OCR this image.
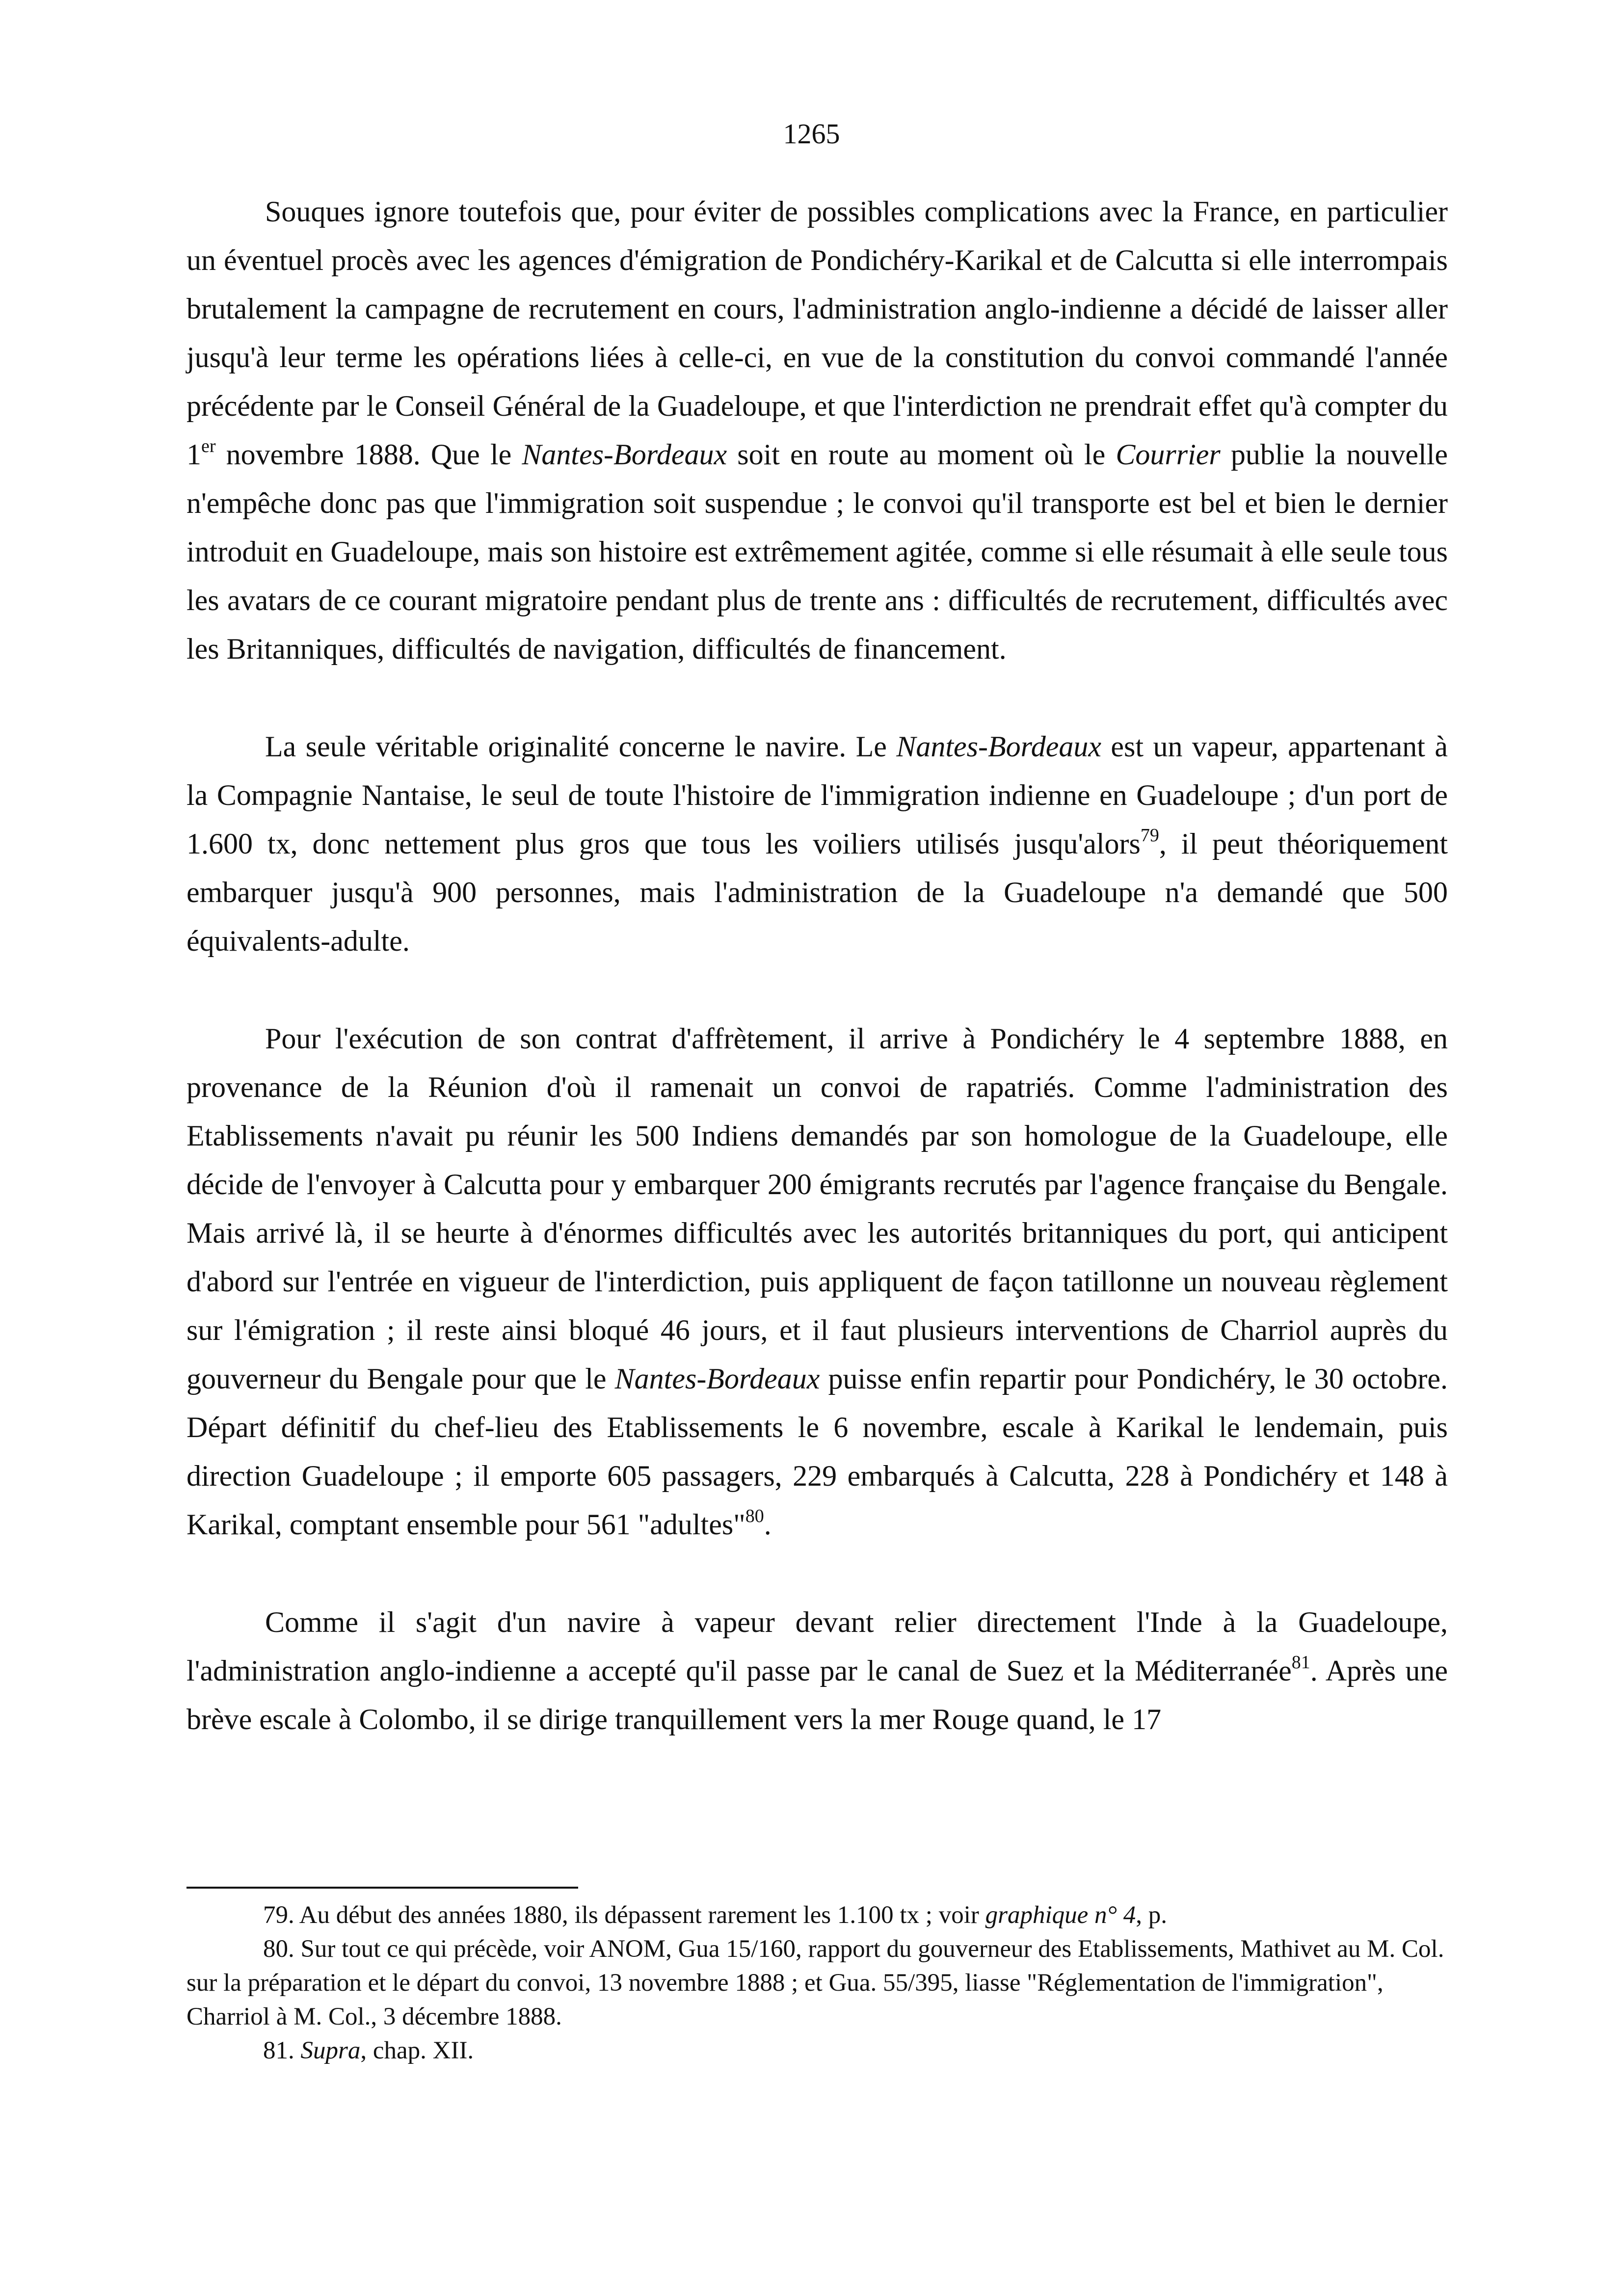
1265

Souques ignore toutefois que, pour éviter de possibles complications avec la France, en particulier un éventuel procès avec les agences d'émigration de Pondichéry-Karikal et de Calcutta si elle interrompais brutalement la campagne de recrutement en cours, l'administration anglo-indienne a décidé de laisser aller jusqu'à leur terme les opérations liées à celle-ci, en vue de la constitution du convoi commandé l'année précédente par le Conseil Général de la Guadeloupe, et que l'interdiction ne prendrait effet qu'à compter du 1er novembre 1888. Que le Nantes-Bordeaux soit en route au moment où le Courrier publie la nouvelle n'empêche donc pas que l'immigration soit suspendue ; le convoi qu'il transporte est bel et bien le dernier introduit en Guadeloupe, mais son histoire est extrêmement agitée, comme si elle résumait à elle seule tous les avatars de ce courant migratoire pendant plus de trente ans : difficultés de recrutement, difficultés avec les Britanniques, difficultés de navigation, difficultés de financement.

La seule véritable originalité concerne le navire. Le Nantes-Bordeaux est un vapeur, appartenant à la Compagnie Nantaise, le seul de toute l'histoire de l'immigration indienne en Guadeloupe ; d'un port de 1.600 tx, donc nettement plus gros que tous les voiliers utilisés jusqu'alors$^{79}$, il peut théoriquement embarquer jusqu'à 900 personnes, mais l'administration de la Guadeloupe n'a demandé que 500 équivalents-adulte.

Pour l'exécution de son contrat d'affrètement, il arrive à Pondichéry le 4 septembre 1888, en provenance de la Réunion d'où il ramenait un convoi de rapatriés. Comme l'administration des Etablissements n'avait pu réunir les 500 Indiens demandés par son homologue de la Guadeloupe, elle décide de l'envoyer à Calcutta pour y embarquer 200 émigrants recrutés par l'agence française du Bengale. Mais arrivé là, il se heurte à d'énormes difficultés avec les autorités britanniques du port, qui anticipent d'abord sur l'entrée en vigueur de l'interdiction, puis appliquent de façon tatillonne un nouveau règlement sur l'émigration ; il reste ainsi bloqué 46 jours, et il faut plusieurs interventions de Charriol auprès du gouverneur du Bengale pour que le Nantes-Bordeaux puisse enfin repartir pour Pondichéry, le 30 octobre. Départ définitif du chef-lieu des Etablissements le 6 novembre, escale à Karikal le lendemain, puis direction Guadeloupe ; il emporte 605 passagers, 229 embarqués à Calcutta, 228 à Pondichéry et 148 à Karikal, comptant ensemble pour 561 "adultes"$^{80}$.

Comme il s'agit d'un navire à vapeur devant relier directement l'Inde à la Guadeloupe, l'administration anglo-indienne a accepté qu'il passe par le canal de Suez et la Méditerranée$^{81}$. Après une brève escale à Colombo, il se dirige tranquillement vers la mer Rouge quand, le 17

79. Au début des années 1880, ils dépassent rarement les 1.100 tx ; voir graphique n° 4, p.

80. Sur tout ce qui précède, voir ANOM, Gua 15/160, rapport du gouverneur des Etablissements, Mathivet au M. Col. sur la préparation et le départ du convoi, 13 novembre 1888 ; et Gua. 55/395, liasse "Réglementation de l'immigration", Charriol à M. Col., 3 décembre 1888.

81. Supra, chap. XII.
